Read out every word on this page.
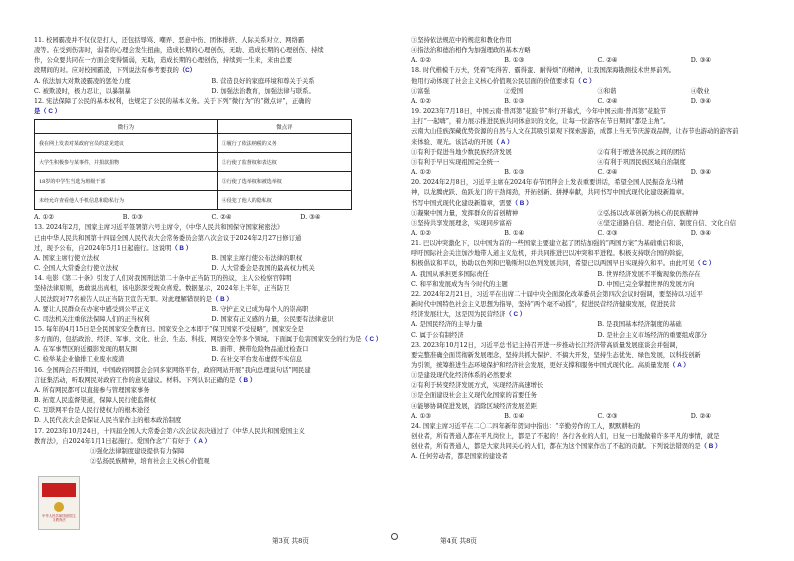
11. 校园霸凌并不仅仅是打人，还包括辱骂、嘲弄、恶意中伤、团体排挤、人际关系对立、网络霸
凌等。在受到伤害时，弱者的心理会发生扭曲，造成长期的心理创伤，无助、造成长期的心理创伤、持续
作，公众要共同在一方面会变得懦弱，无助，造成长期的心理创伤，持续到一生来，来由总要
段期间的对。应对校园霸凌，下列说法有参考要我的（C）
A. 依法加大对欺凌霸凌的惩处力度	B. 营造良好的家庭环境和尊关于关系
C. 被欺凌时，极力忍让，以暴制暴	D. 加强法治教育，加强法律与联系。
12. 宪法保障了公民的基本权利，也规定了公民的基本义务。关于下列“微行为”的“微点评”，正确的
是（ C ）
微行为	微点评
我在网上发表对某政府官员的意见建议	①履行了依法纳税的义务
大学生积极参与某事件，并捐款捐物	②行使了监督权和表达权
18岁的中学生当选为班级干部	③行使了选举权和被选举权
未经允许查看他人手机信息和隐私行为	④侵犯了他人的隐私权
A. ①②	B. ①③	C. ②④	D. ③④
13. 2024年2月，国家主席习近平签署第六号主席令，《中华人民共和国保守国家秘密法》
已由中华人民共和国第十四届全国人民代表大会常务委员会第八次会议于2024年2月27日修订通
过，现予公布，自2024年5月1日起施行。这说明（ B ）
A. 国家主席行使立法权	B. 国家主席行使公布法律的职权
C. 全国人大常委会行使立法权	D. 人大常委会是我国的最高权力机关
14. 电影《第二十条》引发了人们对我国刑法第二十条中正当防卫的热议，主人公检察官韩明
坚持法律原则，勇敢说出真相，该电影深受观众喜爱。数据显示，2024年上半年，正当防卫
人民法院对77名被告人以正当防卫宣告无罪。对此理解错误的是（ B ）
A. 要让人民群众在办案中感受到公平正义	B. 守护正义已成为每个人的崇高职
C. 司法机关注重依法保障人们的正当权利	D. 国家有正义感的力量，公民要有法律意识
15. 每年的4月15日是全民国家安全教育日。国家安全之本即于“保卫国家不受侵略”，国家安全是
多方面的，包括政治、经济、军事、文化、社会、生态、科技、网络安全等多个领域。下面属于危害国家安全的行为是（ C ）
A. 在军事禁区附近摄影发现的朋友圈	B. 面带、携带危险物品通过检查口
C. 检举某企业偷排工业废水废渣	D. 在社交平台发布虚假不实信息
16. 全国两会召开期间，中国政府网都会会同多家网络平台，政府网站开展“我向总理说句话”网民建
言征集活动，听取网民对政府工作的意见建议。材料。下列认识正确的是（ B ）
A. 所有网民都可以直接参与管理国家事务
B. 拓宽人民监督渠道，保障人民行使监督权
C. 互联网平台是人民行使权力的根本途径
D. 人民代表大会是保证人民当家作主的根本政治制度
17. 2023年10月24日，十四届全国人大常委会第六次会议表决通过了《中华人民共和国爱国主义
教育法》，自2024年1月1日起施行。爱国作念“广有好于（ A ）
①强化法律制度建设提供有力保障
②弘扬民族精神，培育社会主义核心价值观
中华人民共和国爱国主义教育法
③坚持依法规范中的规范和教化作用
④指法治和德治相作为加强理政的基本方略
A. ①②	B. ①③	C. ②④	D. ③④
18. 时代楷模千万夫，凭着“吃得苦、霸得蛮、耐得烦”的精神，让我国深海勘测技术世界前列。
他用行动体现了社会主义核心价值观公民层面的价值要求有（ C ）
①富强	②爱国	③和谐	④敬业
A. ①②	B. ①③	C. ②④	D. ③④
19. 2023年7月18日，中国云南·普洱第“花脸节”举行开幕式，今年中国云南·普洱第“花脸节
主打“一起嗨”，着力展示推进民族共同体意识的文化，让每一位游客在节日期间“都是主角”。
云南大山佳族深藏优势资源的自然与人文在其吸引景观下探索游游，成都上当无节庆游戏品牌，让春节也游动的游客前
来体验、观光。该活动的开展（ A ）
①有利于促进当地少数民族经济发展	②有利于增进各民族之间的团结
③有利于早日实现祖国完全统一	④有利于巩固民族区域自治制度
A. ①②	B. ①③	C. ②④	D. ③④
20. 2024年2月8日，习近平主席在2024年春节团拜会上发表重要讲话，希望全国人民振奋龙马精
神，以龙腾虎跃、鱼跃龙门的干劲闯劲，开拓创新、拼搏奉献，共同书写中国式现代化建设新篇章。
书写中国式现代化建设新篇章，需要（ B ）
①凝聚中国力量，发挥群众的首创精神	②弘扬以改革创新为核心的民族精神
③坚持共享发展理念，实现同步富裕	④坚定道路自信、理论自信、制度自信、文化自信
A. ①②	B. ①④	C. ②③	D. ③④
21. 巴以冲突激化下，以中国为首的一些国家主要建立起了团结加强的“两国方案”为基础重启和谈，
呼吁国际社会关注加沙地带人道主义危机，并共同推进巴以冲突和平进程。积极支持联合国的斡旋，
积极倡议和平以，协助以色列和巴勒斯坦以色列发展共同，希望已以两国早日实现持久和平。由此可见（ C ）
A. 我国从承担更多国际责任	B. 世界经济发展不平衡现象仍然存在
C. 和平和发展成为当今时代的主题	D. 中国已完全掌握世界的发展方向
22. 2024年2月21日，习近平在出席二十届中央全面深化改革委员会第四次会议时强调，要坚持以习近平
新时代中国特色社会主义思想为指导，坚持“两个毫不动摇”，促进民营经济健康发展，促进民营
经济发展壮大，这是因为民营经济（ C ）
A. 是国民经济的主导力量	B. 是我国基本经济制度的基础
C. 属于公有制经济	D. 是社会主义市场经济的重要组成部分
23. 2023年10月12日，习近平总书记主持召开进一步推动长江经济带高质量发展座谈会并强调，
要完整准确全面贯彻新发展理念，坚持共抓大保护、不搞大开发，坚持生态优先、绿色发展，以科技创新
为引领，统筹推进生态环境保护和经济社会发展，更好支撑和服务中国式现代化。高质量发展（ A ）
①是建设现代化经济体系的必然要求
②有利于转变经济发展方式，实现经济高速增长
③是全面建设社会主义现代化国家的首要任务
④能够协调促进发展，消除区域经济发展差距
A. ①③	B. ①④	C. ②③	D. ②④
24. 国家主席习近平在二〇二四年新年贺词中指出：“辛勤劳作的工人，默默耕耘的
创业者，所有普通人都在平凡岗位上，都是了不起的！各行各业的人们，日复一日地做着许多平凡的事情，就是
创业者，所有普通人，都是大家共同关心的人们，都在为这个国家作出了不起的贡献。下列说法错误的是（ B ）
A. 任何劳动者，都是国家的建设者
第3页 共8页	第4页 共8页
